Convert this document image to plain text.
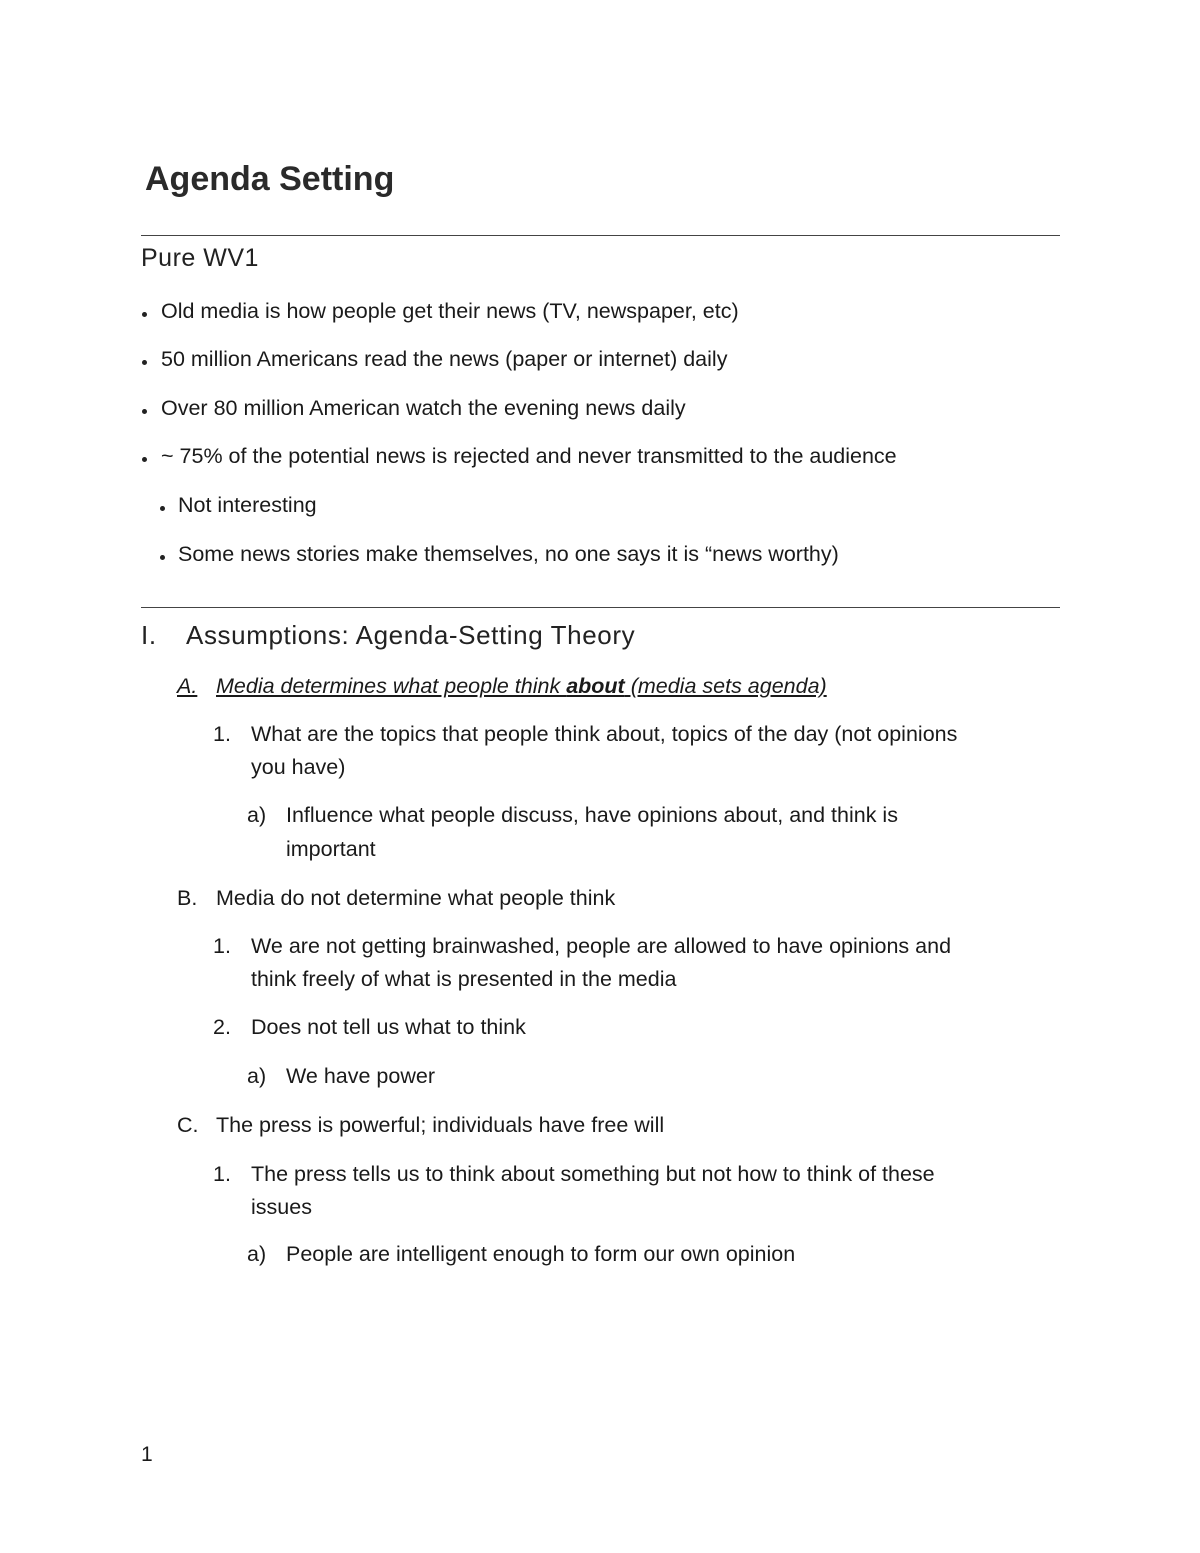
Agenda Setting
Pure WV1
Old media is how people get their news (TV, newspaper, etc)
50 million Americans read the news (paper or internet) daily
Over 80 million American watch the evening news daily
~ 75% of the potential news is rejected and never transmitted to the audience
Not interesting
Some news stories make themselves, no one says it is “news worthy)
I. Assumptions: Agenda-Setting Theory
A. Media determines what people think about (media sets agenda)
1. What are the topics that people think about, topics of the day (not opinions
you have)
a) Influence what people discuss, have opinions about, and think is
important
B. Media do not determine what people think
1. We are not getting brainwashed, people are allowed to have opinions and
think freely of what is presented in the media
2. Does not tell us what to think
a) We have power
C. The press is powerful; individuals have free will
1. The press tells us to think about something but not how to think of these
issues
a) People are intelligent enough to form our own opinion
1
